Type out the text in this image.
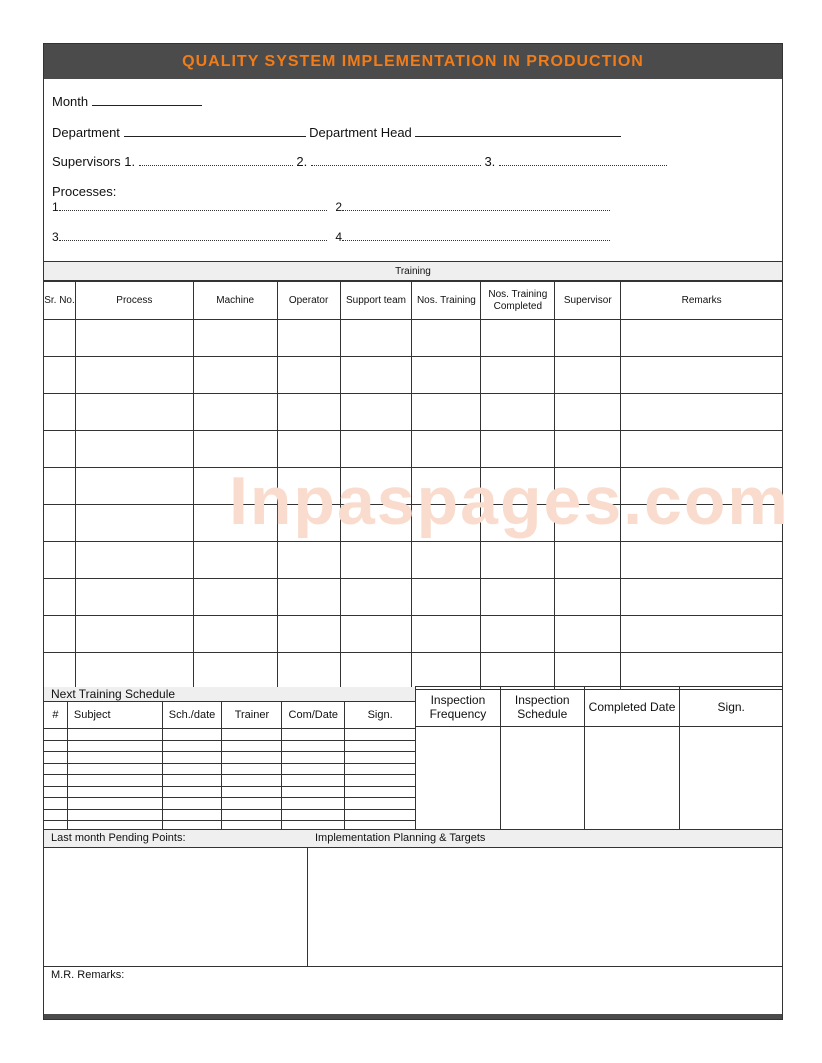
QUALITY SYSTEM IMPLEMENTATION IN PRODUCTION
Month
Department	Department Head
Supervisors 1.	2.	3.
Processes:
1	2
3	4
Training
Sr. No.	Process	Machine	Operator	Support team	Nos. Training	Nos. Training Completed	Supervisor	Remarks

Inpaspages.com
Next Training Schedule
#	Subject	Sch./date	Trainer	Com/Date	Sign.

Inspection Frequency	Inspection Schedule	Completed Date	Sign.

Last month Pending Points:	Implementation Planning & Targets
M.R. Remarks:
